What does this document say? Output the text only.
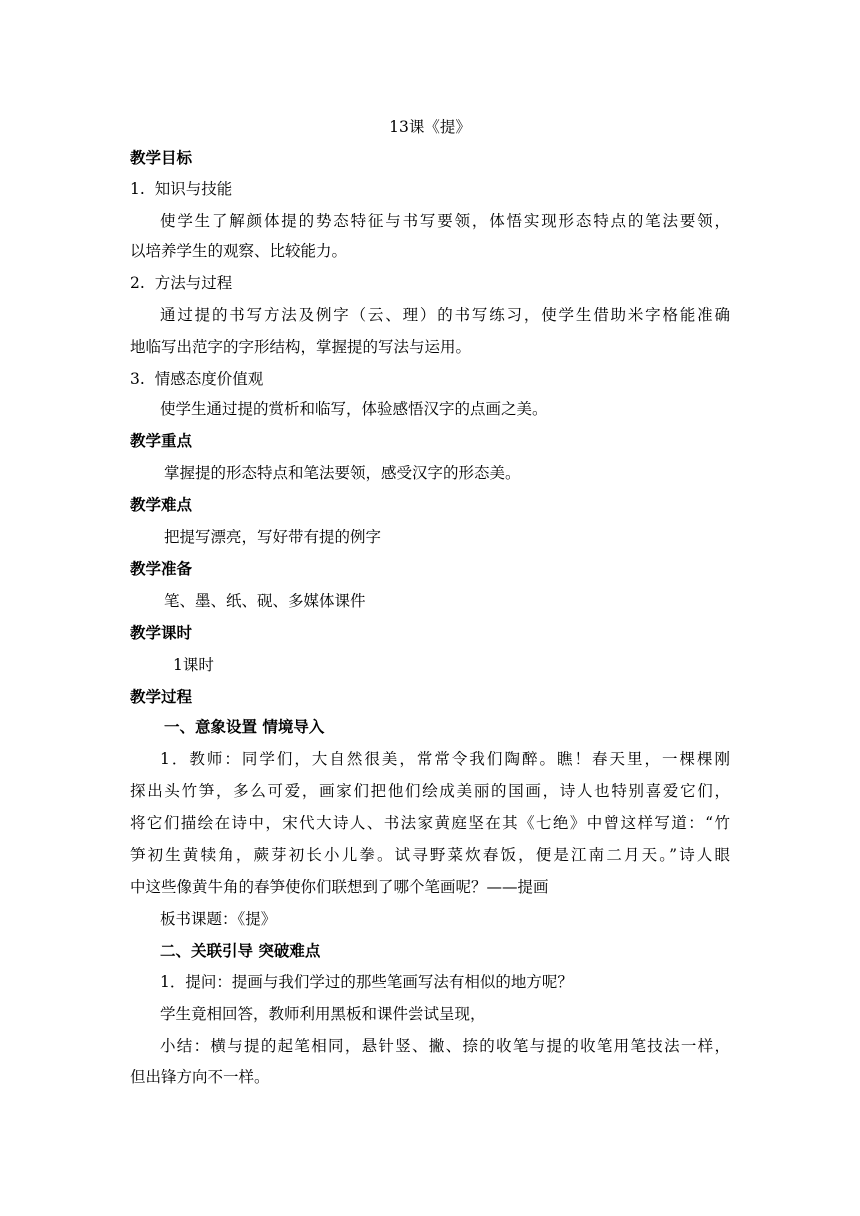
13课《提》
教学目标
1. 知识与技能
使学生了解颜体提的势态特征与书写要领，体悟实现形态特点的笔法要领，
以培养学生的观察、比较能力。
2. 方法与过程
通过提的书写方法及例字（云、理）的书写练习，使学生借助米字格能准确
地临写出范字的字形结构，掌握提的写法与运用。
3. 情感态度价值观
使学生通过提的赏析和临写，体验感悟汉字的点画之美。
教学重点
掌握提的形态特点和笔法要领，感受汉字的形态美。
教学难点
把提写漂亮，写好带有提的例字
教学准备
笔、墨、纸、砚、多媒体课件
教学课时
1课时
教学过程
一、意象设置 情境导入
1．教师：同学们，大自然很美，常常令我们陶醉。瞧！春天里，一棵棵刚
探出头竹笋，多么可爱，画家们把他们绘成美丽的国画，诗人也特别喜爱它们，
将它们描绘在诗中，宋代大诗人、书法家黄庭坚在其《七绝》中曾这样写道：“竹
笋初生黄犊角，蕨芽初长小儿拳。试寻野菜炊春饭，便是江南二月天。”诗人眼
中这些像黄牛角的春笋使你们联想到了哪个笔画呢？——提画
板书课题：《提》
二、关联引导 突破难点
1．提问：提画与我们学过的那些笔画写法有相似的地方呢？
学生竟相回答，教师利用黑板和课件尝试呈现，
小结：横与提的起笔相同，悬针竖、撇、捺的收笔与提的收笔用笔技法一样，
但出锋方向不一样。
